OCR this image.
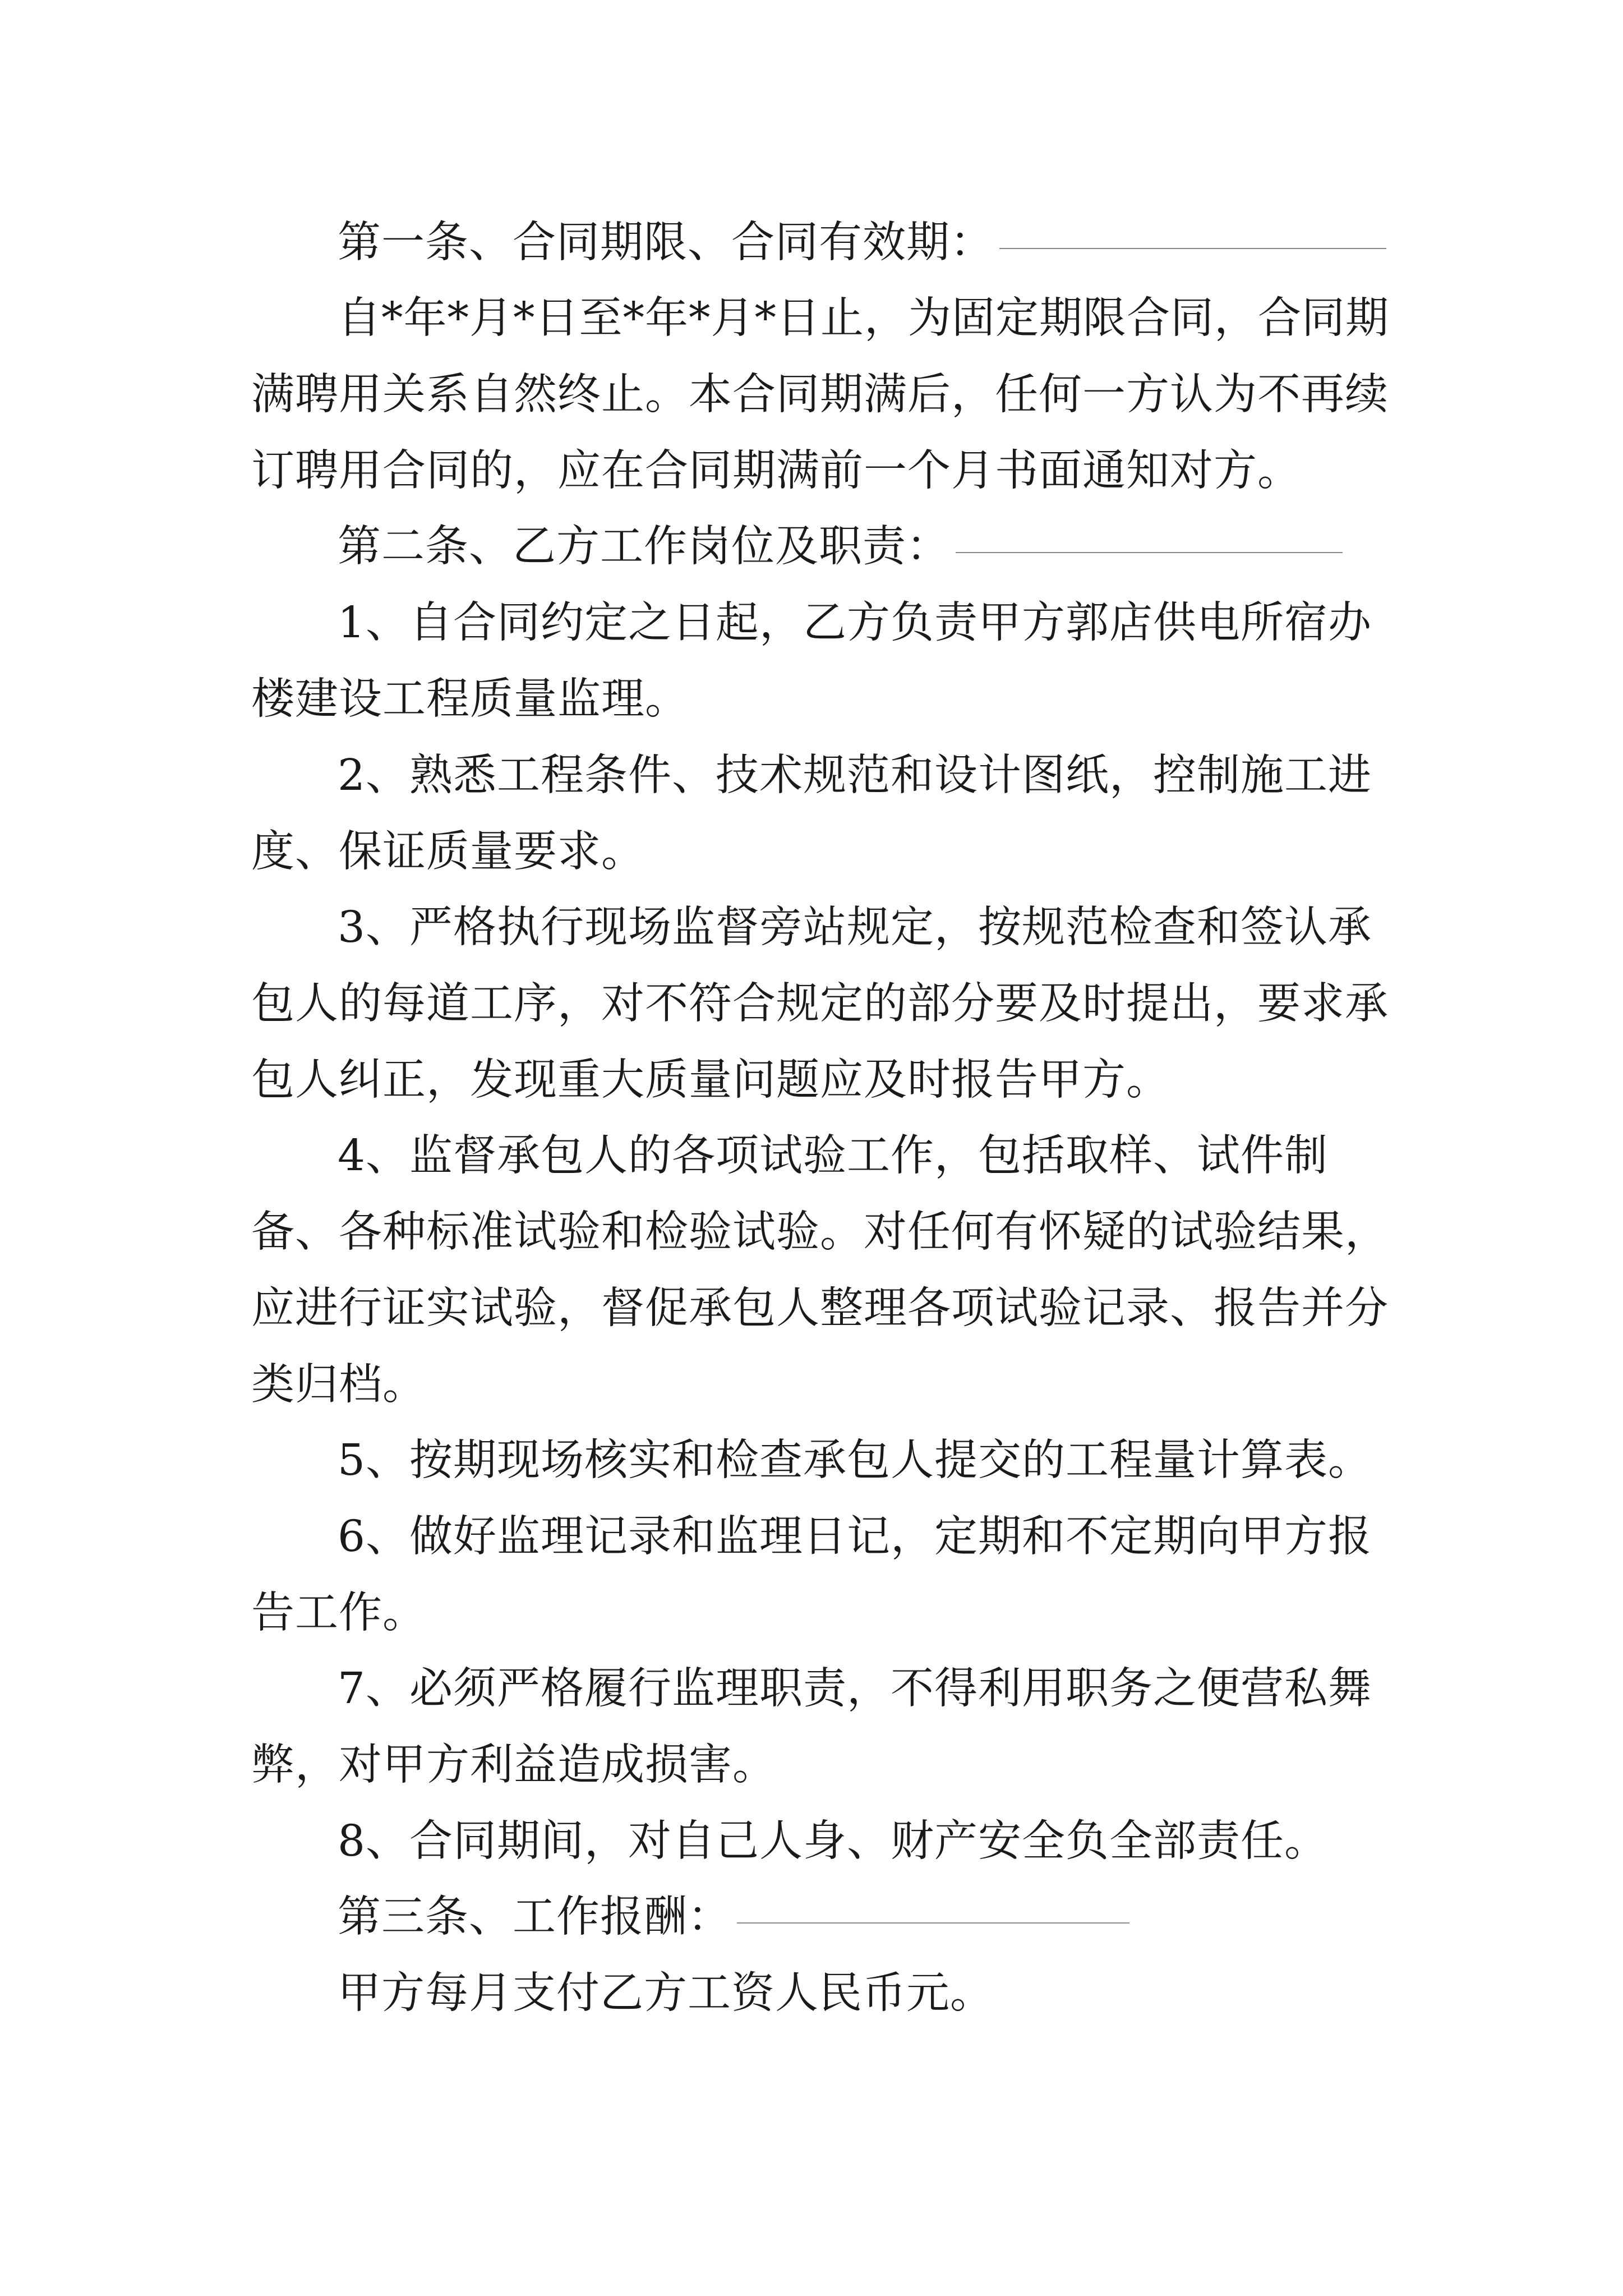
第一条、合同期限、合同有效期：

自*年*月*日至*年*月*日止，为固定期限合同，合同期满聘用关系自然终止。本合同期满后，任何一方认为不再续订聘用合同的，应在合同期满前一个月书面通知对方。

第二条、乙方工作岗位及职责：

1、自合同约定之日起，乙方负责甲方郭店供电所宿办楼建设工程质量监理。

2、熟悉工程条件、技术规范和设计图纸，控制施工进度、保证质量要求。

3、严格执行现场监督旁站规定，按规范检查和签认承包人的每道工序，对不符合规定的部分要及时提出，要求承包人纠正，发现重大质量问题应及时报告甲方。

4、监督承包人的各项试验工作，包括取样、试件制备、各种标准试验和检验试验。对任何有怀疑的试验结果，应进行证实试验，督促承包人整理各项试验记录、报告并分类归档。

5、按期现场核实和检查承包人提交的工程量计算表。

6、做好监理记录和监理日记，定期和不定期向甲方报告工作。

7、必须严格履行监理职责，不得利用职务之便营私舞弊，对甲方利益造成损害。

8、合同期间，对自己人身、财产安全负全部责任。

第三条、工作报酬：

甲方每月支付乙方工资人民币元。
